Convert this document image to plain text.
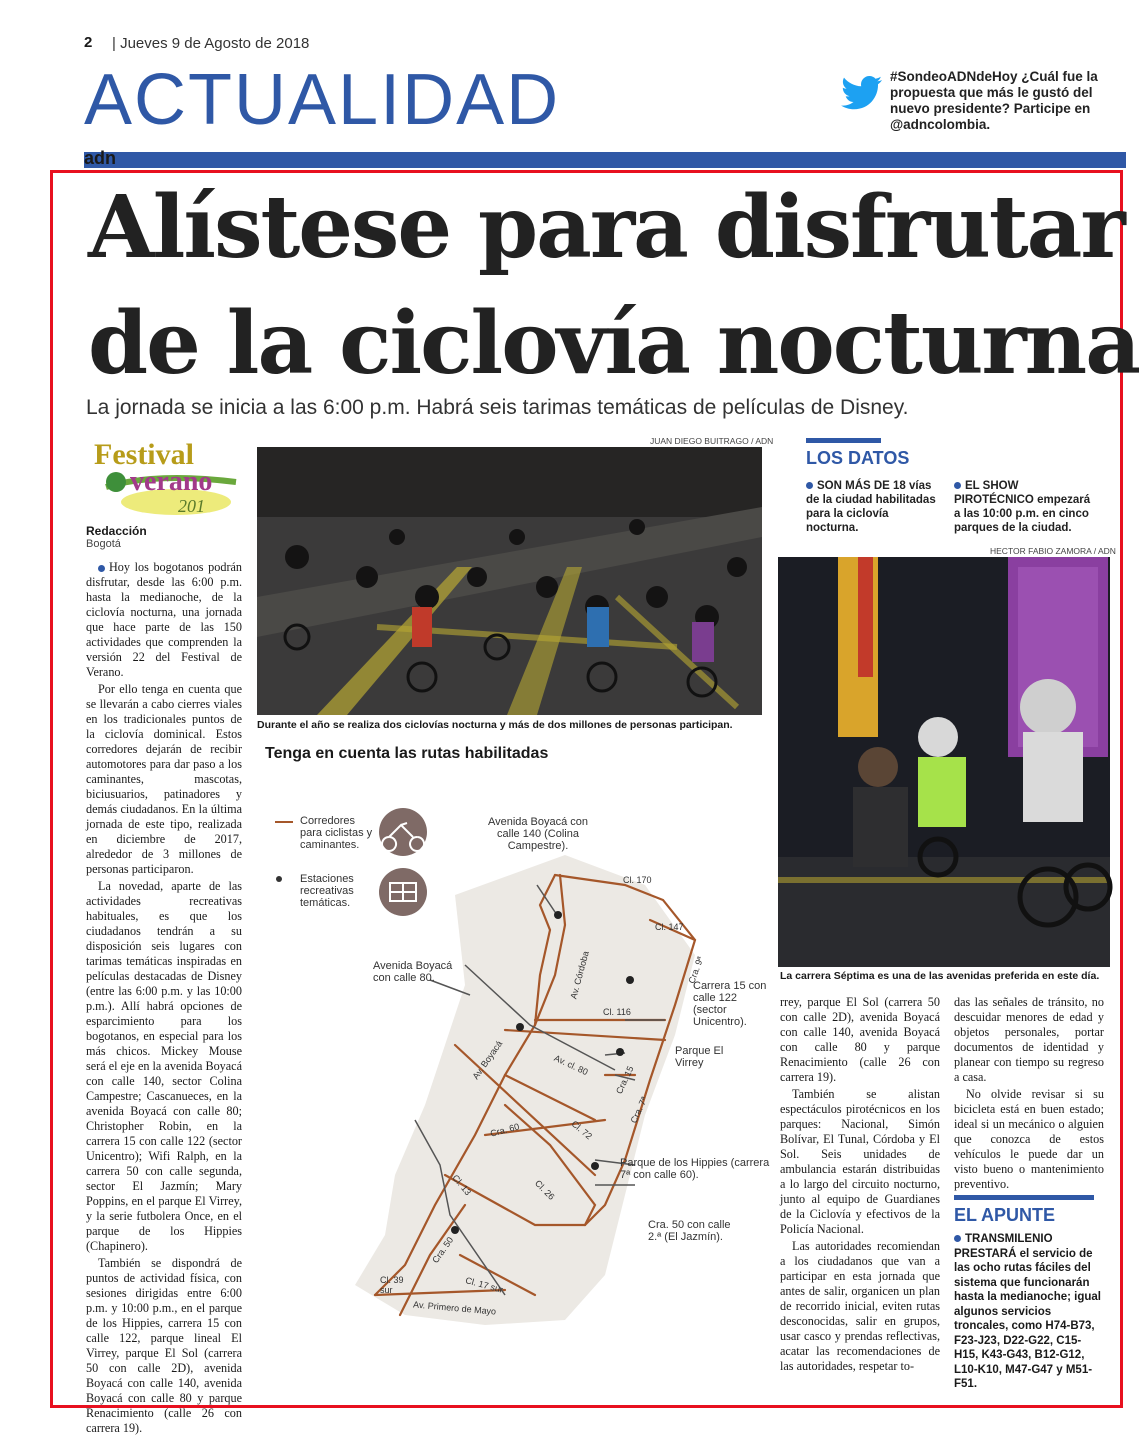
2 | Jueves 9 de Agosto de 2018
ACTUALIDAD	#SondeoADNdeHoy ¿Cuál fue la propuesta que más le gustó del nuevo presidente? Participe en @adncolombia.
adn
Alístese para disfrutar
de la ciclovía nocturna
La jornada se inicia a las 6:00 p.m. Habrá seis tarimas temáticas de películas de Disney.
Festival
verano
201
Redacción
Bogotá

Hoy los bogotanos podrán disfrutar, desde las 6:00 p.m. hasta la medianoche, de la ciclovía nocturna, una jornada que hace parte de las 150 actividades que comprenden la versión 22 del Festival de Verano.

Por ello tenga en cuenta que se llevarán a cabo cierres viales en los tradicionales puntos de la ciclovía dominical. Estos corredores dejarán de recibir automotores para dar paso a los caminantes, mascotas, biciusuarios, patinadores y demás ciudadanos. En la última jornada de este tipo, realizada en diciembre de 2017, alrededor de 3 millones de personas participaron.

La novedad, aparte de las actividades recreativas habituales, es que los ciudadanos tendrán a su disposición seis lugares con tarimas temáticas inspiradas en películas destacadas de Disney (entre las 6:00 p.m. y las 10:00 p.m.). Allí habrá opciones de esparcimiento para los bogotanos, en especial para los más chicos. Mickey Mouse será el eje en la avenida Boyacá con calle 140, sector Colina Campestre; Cascanueces, en la avenida Boyacá con calle 80; Christopher Robin, en la carrera 15 con calle 122 (sector Unicentro); Wifi Ralph, en la carrera 50 con calle segunda, sector El Jazmín; Mary Poppins, en el parque El Virrey, y la serie futbolera Once, en el parque de los Hippies (Chapinero).

También se dispondrá de puntos de actividad física, con sesiones dirigidas entre 6:00 p.m. y 10:00 p.m., en el parque de los Hippies, carrera 15 con calle 122, parque lineal El Virrey, parque El Sol (carrera 50 con calle 2D), avenida Boyacá con calle 140, avenida Boyacá con calle 80 y parque Renacimiento (calle 26 con carrera 19).

JUAN DIEGO BUITRAGO / ADN
Durante el año se realiza dos ciclovías nocturna y más de dos millones de personas participan.
LOS DATOS
SON MÁS DE 18 vías de la ciudad habilitadas para la ciclovía nocturna.
EL SHOW PIROTÉCNICO empezará a las 10:00 p.m. en cinco parques de la ciudad.
HECTOR FABIO ZAMORA / ADN
La carrera Séptima es una de las avenidas preferida en este día.
Tenga en cuenta las rutas habilitadas
Corredores para ciclistas y caminantes.
Estaciones recreativas temáticas.
Avenida Boyacá con calle 140 (Colina Campestre).
Avenida Boyacá con calle 80.
Carrera 15 con calle 122 (sector Unicentro).
Parque El Virrey
Parque de los Hippies (carrera 7ª con calle 60).
Cra. 50 con calle 2.ª (El Jazmín).
Cl. 170
Cl. 147
Cra. 9ª
Av. Córdoba
Cl. 116
Av. Boyacá	Av. cl. 80	Cra. 15
Cra. 7ª
Cra. 60	Cl. 72
Cl. 13	Cl. 26
Cra. 50
Cl. 39 sur	Cl. 17 sur
Av. Primero de Mayo

rrey, parque El Sol (carrera 50 con calle 2D), avenida Boyacá con calle 140, avenida Boyacá con calle 80 y parque Renacimiento (calle 26 con carrera 19).

También se alistan espectáculos pirotécnicos en los parques: Nacional, Simón Bolívar, El Tunal, Córdoba y El Sol. Seis unidades de ambulancia estarán distribuidas a lo largo del circuito nocturno, junto al equipo de Guardianes de la Ciclovía y efectivos de la Policía Nacional.

Las autoridades recomiendan a los ciudadanos que van a participar en esta jornada que antes de salir, organicen un plan de recorrido inicial, eviten rutas desconocidas, salir en grupos, usar casco y prendas reflectivas, acatar las recomendaciones de las autoridades, respetar to-

das las señales de tránsito, no descuidar menores de edad y objetos personales, portar documentos de identidad y planear con tiempo su regreso a casa.

No olvide revisar si su bicicleta está en buen estado; ideal si un mecánico o alguien que conozca de estos vehículos le puede dar un visto bueno o mantenimiento preventivo.

EL APUNTE
TRANSMILENIO PRESTARÁ el servicio de las ocho rutas fáciles del sistema que funcionarán hasta la medianoche; igual algunos servicios troncales, como H74-B73, F23-J23, D22-G22, C15-H15, K43-G43, B12-G12, L10-K10, M47-G47 y M51-F51.
